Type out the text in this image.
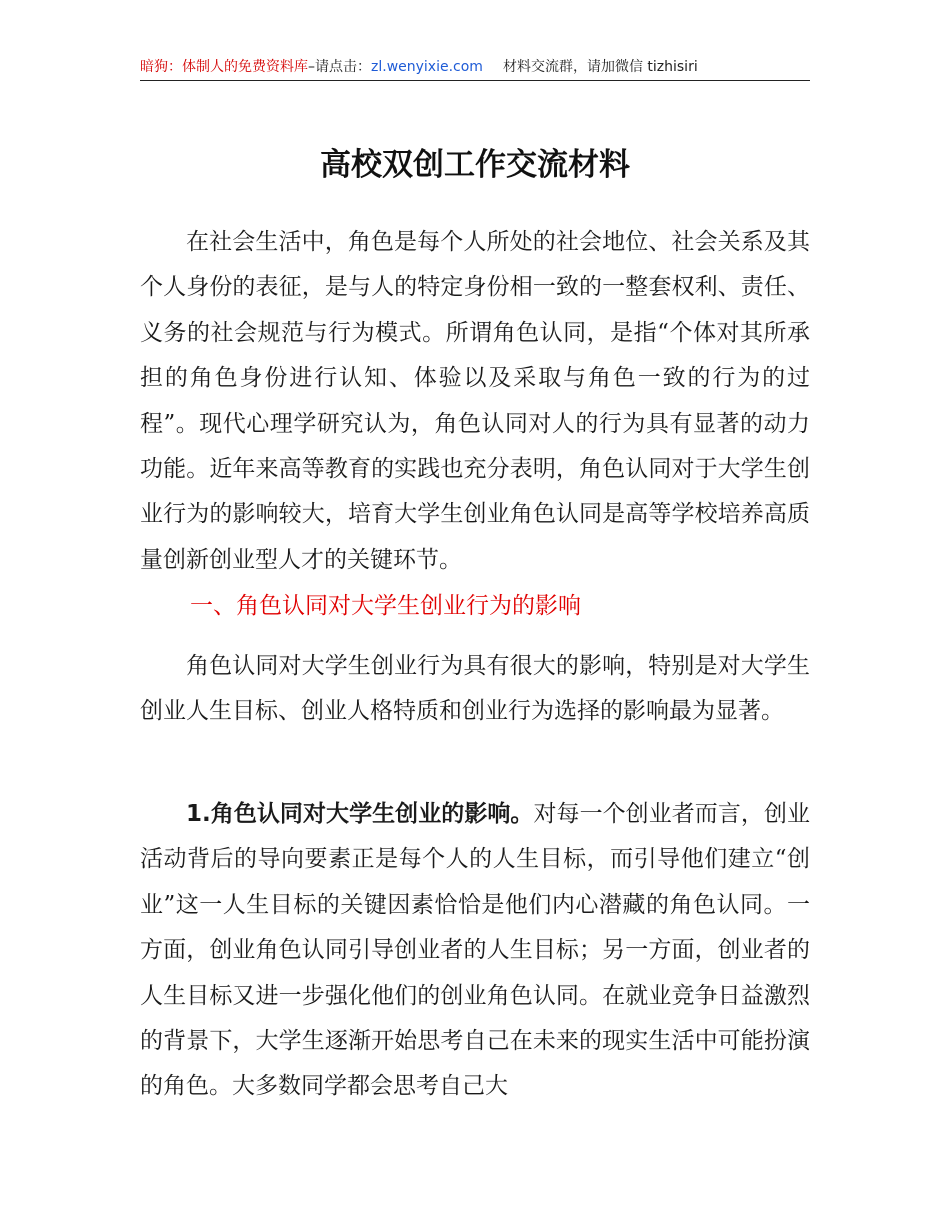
暗狗：体制人的免费资料库–请点击：zl.wenyixie.com 材料交流群，请加微信 tizhisiri
高校双创工作交流材料

在社会生活中，角色是每个人所处的社会地位、社会关系及其个人身份的表征，是与人的特定身份相一致的一整套权利、责任、义务的社会规范与行为模式。所谓角色认同，是指“个体对其所承担的角色身份进行认知、体验以及采取与角色一致的行为的过程”。现代心理学研究认为，角色认同对人的行为具有显著的动力功能。近年来高等教育的实践也充分表明，角色认同对于大学生创业行为的影响较大，培育大学生创业角色认同是高等学校培养高质量创新创业型人才的关键环节。

一、角色认同对大学生创业行为的影响

角色认同对大学生创业行为具有很大的影响，特别是对大学生创业人生目标、创业人格特质和创业行为选择的影响最为显著。

1.角色认同对大学生创业的影响。对每一个创业者而言，创业活动背后的导向要素正是每个人的人生目标，而引导他们建立“创业”这一人生目标的关键因素恰恰是他们内心潜藏的角色认同。一方面，创业角色认同引导创业者的人生目标；另一方面，创业者的人生目标又进一步强化他们的创业角色认同。在就业竞争日益激烈的背景下，大学生逐渐开始思考自己在未来的现实生活中可能扮演的角色。大多数同学都会思考自己大
